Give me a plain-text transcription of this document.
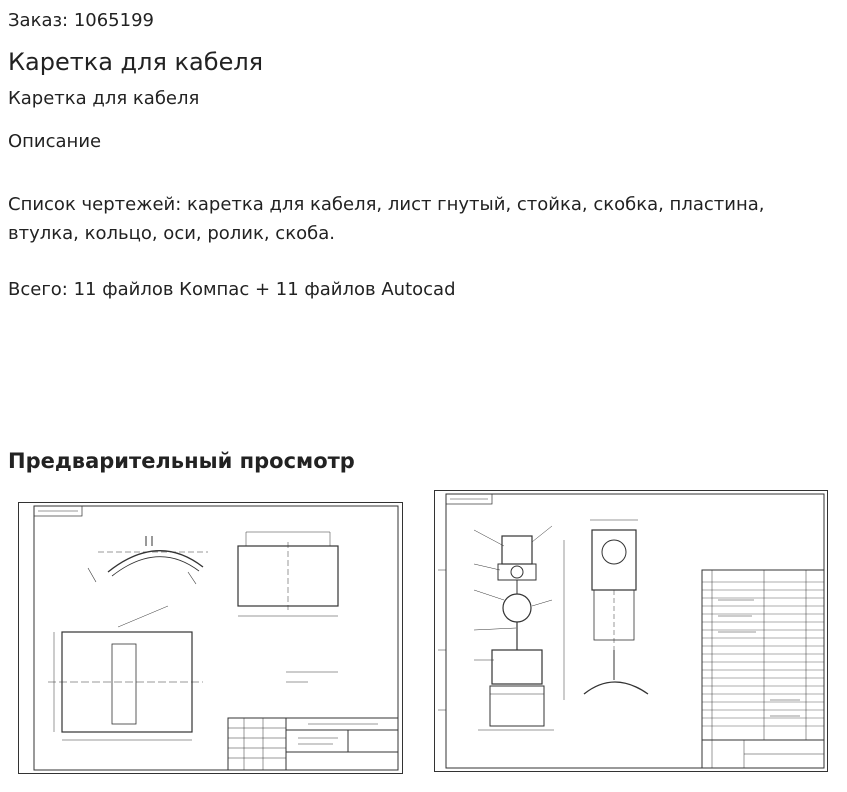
Заказ: 1065199
Каретка для кабеля
Каретка для кабеля
Описание
Список чертежей: каретка для кабеля, лист гнутый, стойка, скобка, пластина, втулка, кольцо, оси, ролик, скоба.
Всего: 11 файлов Компас + 11 файлов Autocad
Предварительный просмотр
